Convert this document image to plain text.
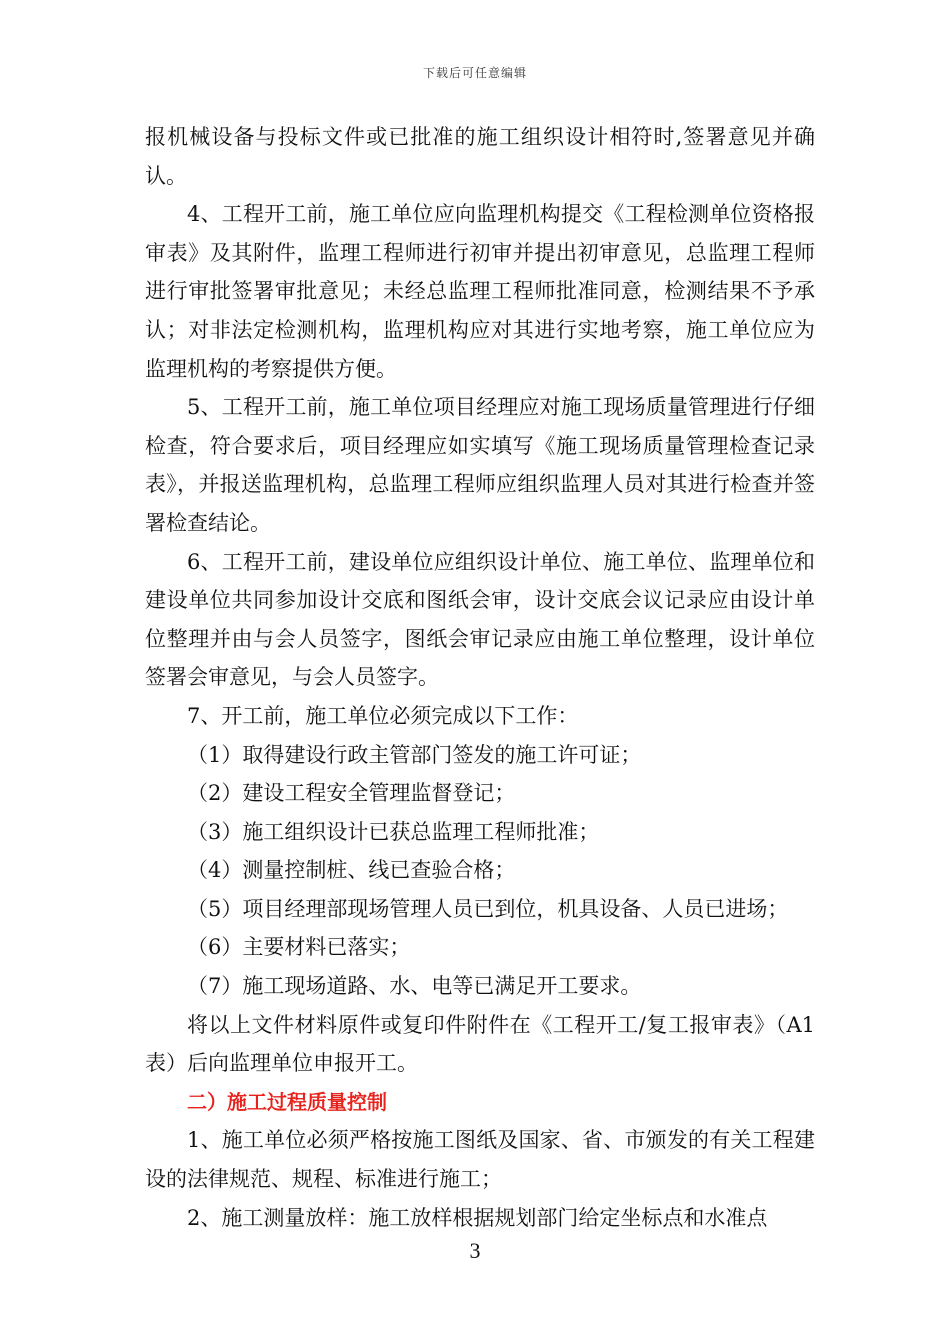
下载后可任意编辑

报机械设备与投标文件或已批准的施工组织设计相符时,签署意见并确认。

4、工程开工前，施工单位应向监理机构提交《工程检测单位资格报审表》及其附件，监理工程师进行初审并提出初审意见，总监理工程师进行审批签署审批意见；未经总监理工程师批准同意，检测结果不予承认；对非法定检测机构，监理机构应对其进行实地考察，施工单位应为监理机构的考察提供方便。

5、工程开工前，施工单位项目经理应对施工现场质量管理进行仔细检查，符合要求后，项目经理应如实填写《施工现场质量管理检查记录表》，并报送监理机构，总监理工程师应组织监理人员对其进行检查并签署检查结论。

6、工程开工前，建设单位应组织设计单位、施工单位、监理单位和建设单位共同参加设计交底和图纸会审，设计交底会议记录应由设计单位整理并由与会人员签字，图纸会审记录应由施工单位整理，设计单位签署会审意见，与会人员签字。

7、开工前，施工单位必须完成以下工作：

（1）取得建设行政主管部门签发的施工许可证；

（2）建设工程安全管理监督登记；

（3）施工组织设计已获总监理工程师批准；

（4）测量控制桩、线已查验合格；

（5）项目经理部现场管理人员已到位，机具设备、人员已进场；

（6）主要材料已落实；

（7）施工现场道路、水、电等已满足开工要求。

将以上文件材料原件或复印件附件在《工程开工/复工报审表》（A1表）后向监理单位申报开工。

二）施工过程质量控制

1、施工单位必须严格按施工图纸及国家、省、市颁发的有关工程建设的法律规范、规程、标准进行施工；

2、施工测量放样：施工放样根据规划部门给定坐标点和水准点

3
